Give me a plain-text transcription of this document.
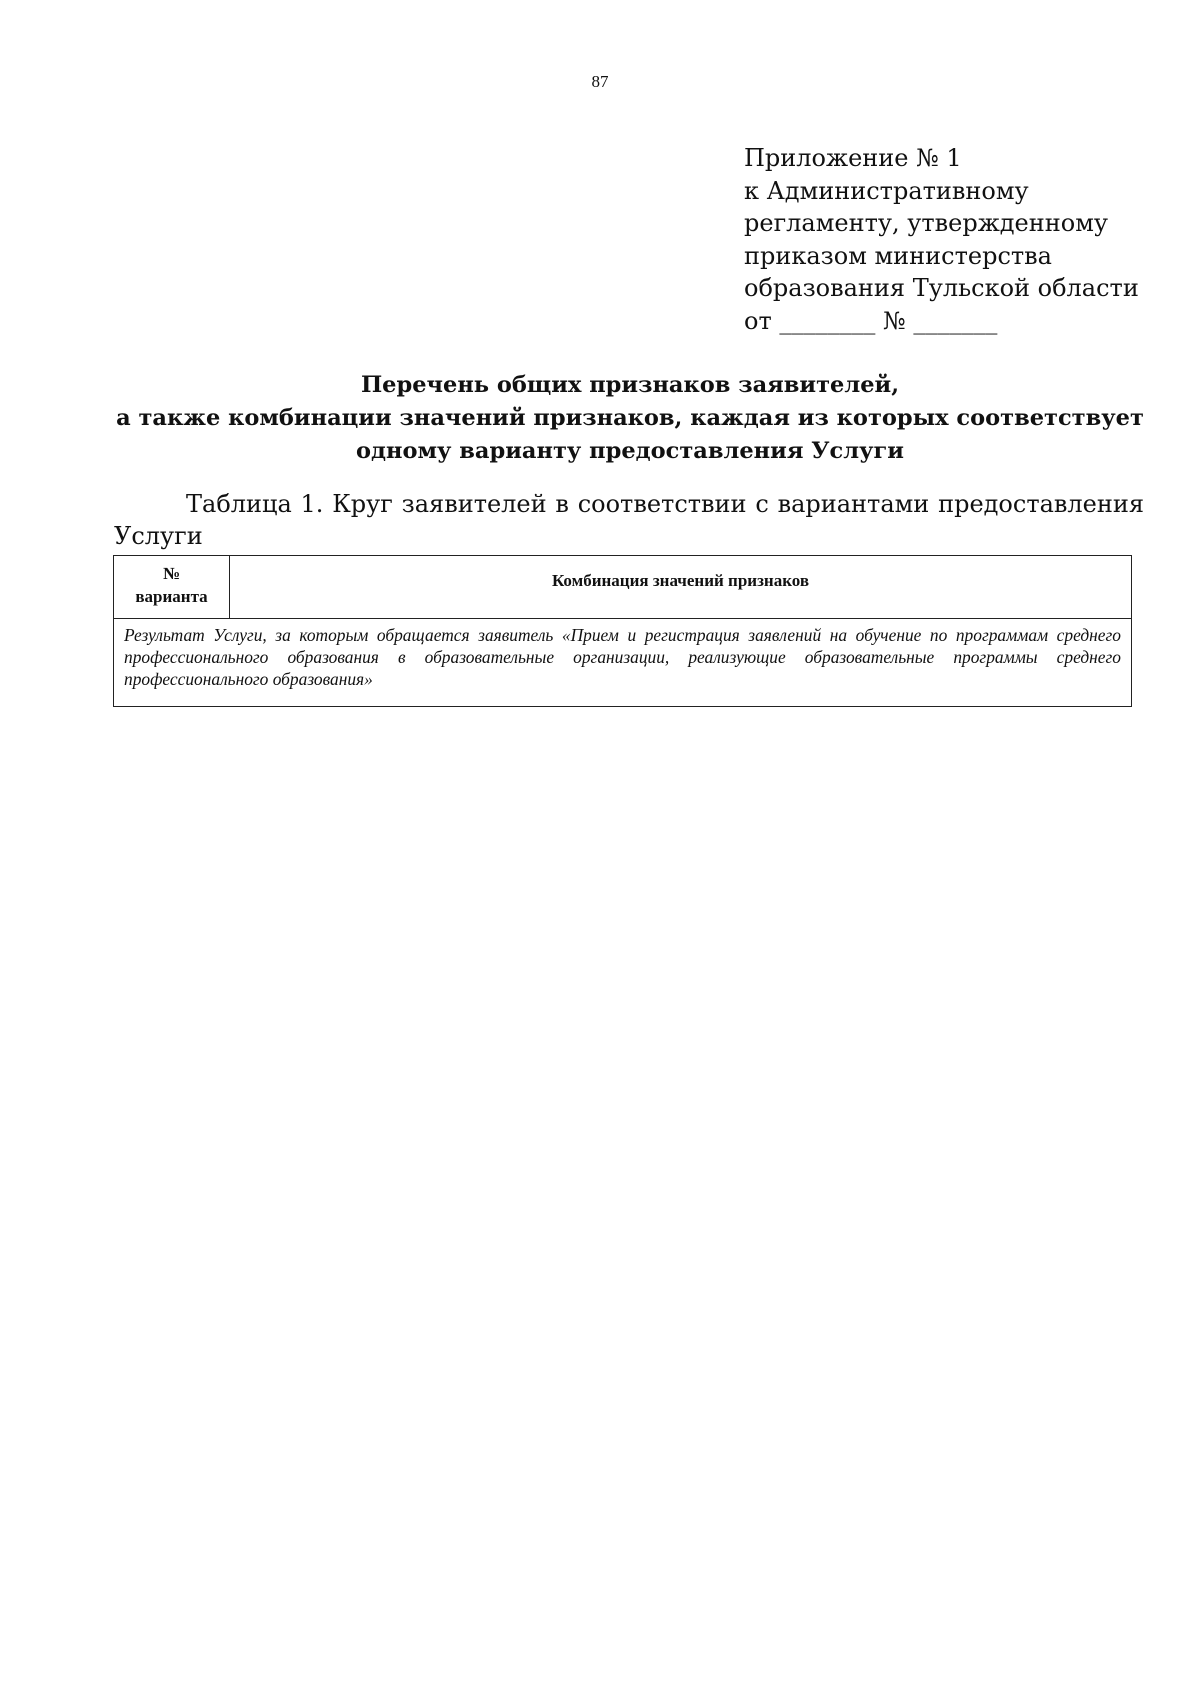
87
Приложение № 1
к Административному
регламенту, утвержденному
приказом министерства
образования Тульской области
от ________ № _______
Перечень общих признаков заявителей,
а также комбинации значений признаков, каждая из которых соответствует
одному варианту предоставления Услуги
Таблица 1. Круг заявителей в соответствии с вариантами предоставления Услуги
№
варианта
Комбинация значений признаков
Результат Услуги, за которым обращается заявитель «Прием и регистрация заявлений на обучение по программам среднего профессионального образования в образовательные организации, реализующие образовательные программы среднего профессионального образования»
